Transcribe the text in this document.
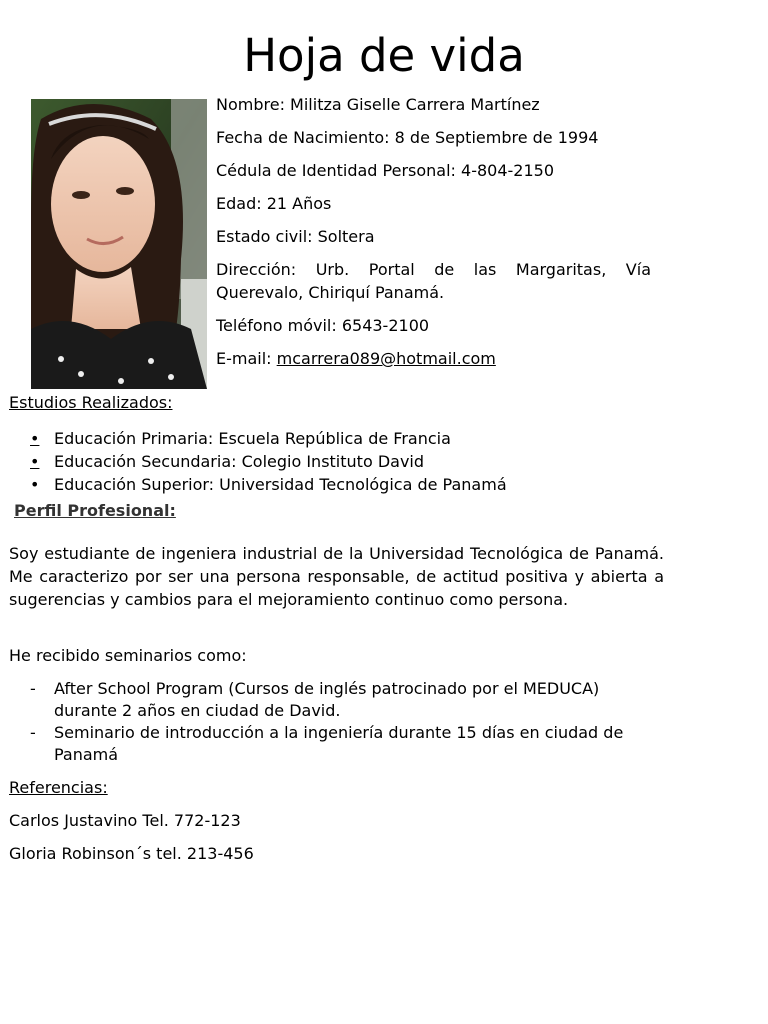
Hoja de vida
Nombre: Militza Giselle Carrera Martínez
Fecha de Nacimiento: 8 de Septiembre de 1994
Cédula de Identidad Personal: 4-804-2150
Edad: 21 Años
Estado civil: Soltera
Dirección: Urb. Portal de las Margaritas, Vía Querevalo, Chiriquí Panamá.
Teléfono móvil: 6543-2100
E-mail: mcarrera089@hotmail.com
Estudios Realizados:
• Educación Primaria: Escuela República de Francia
• Educación Secundaria: Colegio Instituto David
• Educación Superior: Universidad Tecnológica de Panamá
Perfil Profesional:

Soy estudiante de ingeniera industrial de la Universidad Tecnológica de Panamá. Me caracterizo por ser una persona responsable, de actitud positiva y abierta a sugerencias y cambios para el mejoramiento continuo como persona.

He recibido seminarios como:
- After School Program (Cursos de inglés patrocinado por el MEDUCA) durante 2 años en ciudad de David.
- Seminario de introducción a la ingeniería durante 15 días en ciudad de Panamá
Referencias:
Carlos Justavino Tel. 772-123
Gloria Robinson´s tel. 213-456
